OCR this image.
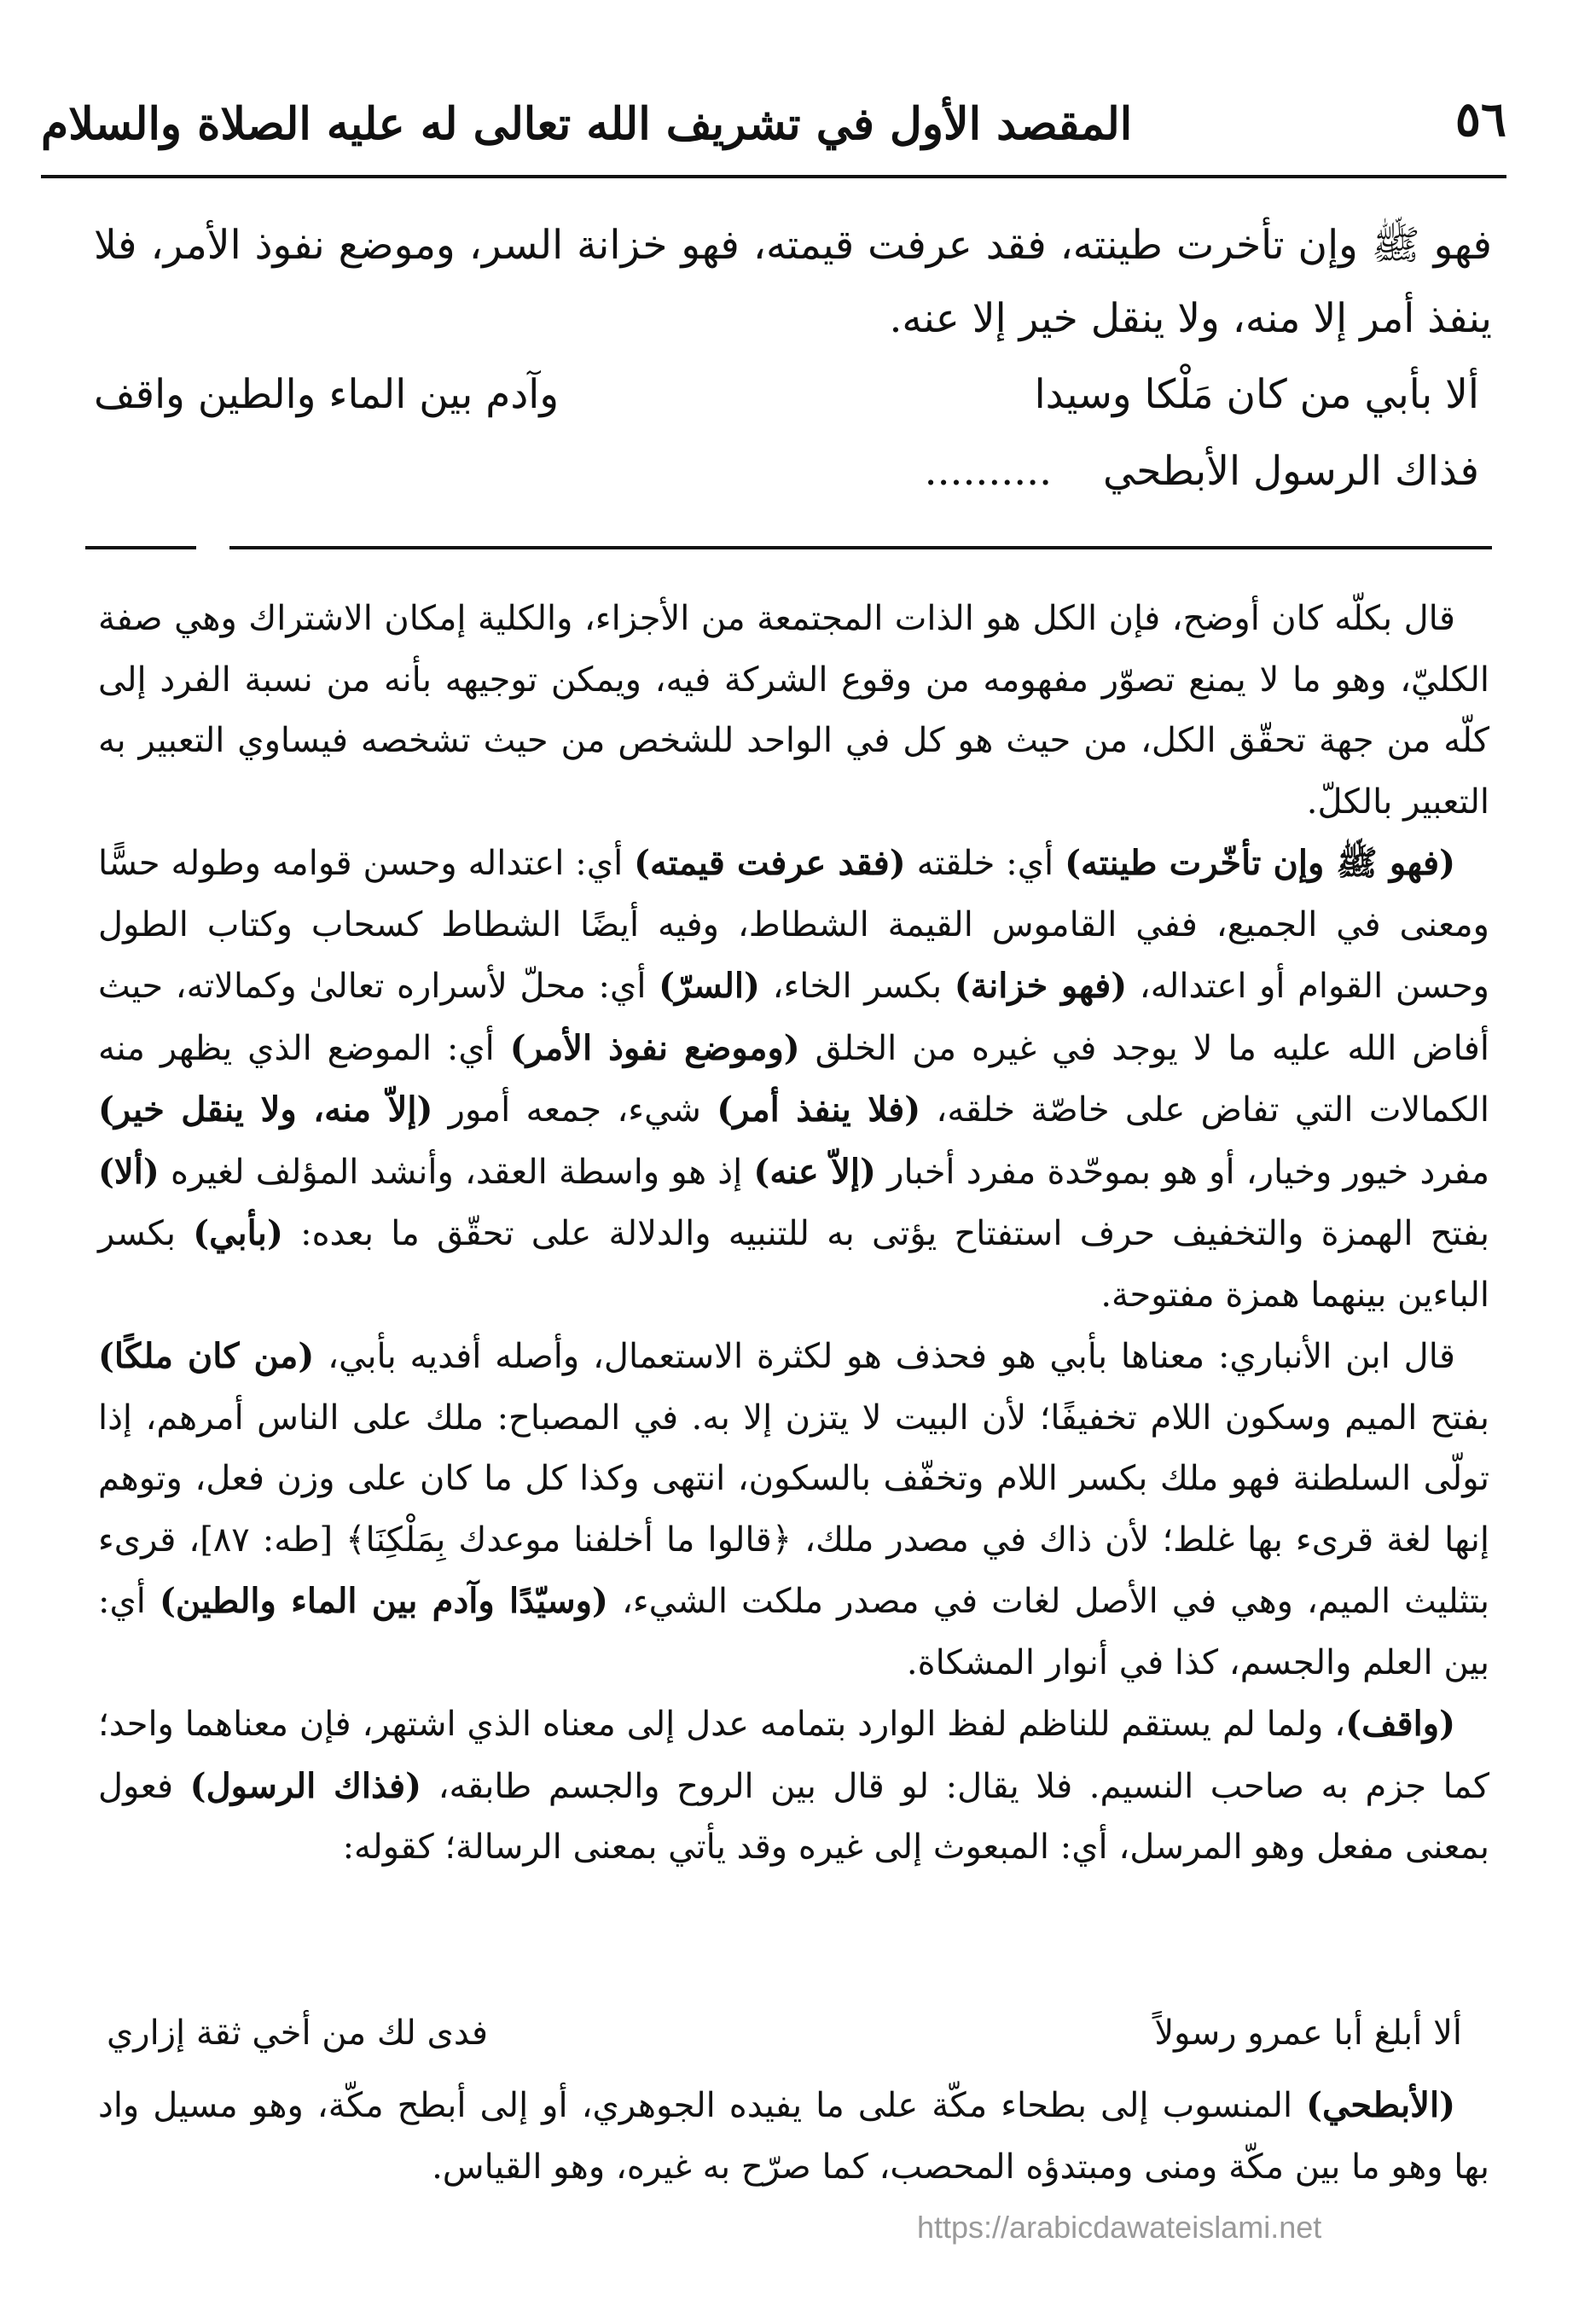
٥٦
المقصد الأول في تشريف الله تعالى له عليه الصلاة والسلام

فهو ﷺ وإن تأخرت طينته، فقد عرفت قيمته، فهو خزانة السر، وموضع نفوذ الأمر، فلا ينفذ أمر إلا منه، ولا ينقل خير إلا عنه.

ألا بأبي من كان مَلْكا وسيدا
وآدم بين الماء والطين واقف
فذاك الرسول الأبطحي..........

قال بكلّه كان أوضح، فإن الكل هو الذات المجتمعة من الأجزاء، والكلية إمكان الاشتراك وهي صفة الكليّ، وهو ما لا يمنع تصوّر مفهومه من وقوع الشركة فيه، ويمكن توجيهه بأنه من نسبة الفرد إلى كلّه من جهة تحقّق الكل، من حيث هو كل في الواحد للشخص من حيث تشخصه فيساوي التعبير به التعبير بالكلّ.

(فهو ﷺ وإن تأخّرت طينته) أي: خلقته (فقد عرفت قيمته) أي: اعتداله وحسن قوامه وطوله حسًّا ومعنى في الجميع، ففي القاموس القيمة الشطاط، وفيه أيضًا الشطاط كسحاب وكتاب الطول وحسن القوام أو اعتداله، (فهو خزانة) بكسر الخاء، (السرّ) أي: محلّ لأسراره تعالىٰ وكمالاته، حيث أفاض الله عليه ما لا يوجد في غيره من الخلق (وموضع نفوذ الأمر) أي: الموضع الذي يظهر منه الكمالات التي تفاض على خاصّة خلقه، (فلا ينفذ أمر) شيء، جمعه أمور (إلاّ منه، ولا ينقل خير) مفرد خيور وخيار، أو هو بموحّدة مفرد أخبار (إلاّ عنه) إذ هو واسطة العقد، وأنشد المؤلف لغيره (ألا) بفتح الهمزة والتخفيف حرف استفتاح يؤتى به للتنبيه والدلالة على تحقّق ما بعده: (بأبي) بكسر الباءين بينهما همزة مفتوحة.

قال ابن الأنباري: معناها بأبي هو فحذف هو لكثرة الاستعمال، وأصله أفديه بأبي، (من كان ملكًا) بفتح الميم وسكون اللام تخفيفًا؛ لأن البيت لا يتزن إلا به. في المصباح: ملك على الناس أمرهم، إذا تولّى السلطنة فهو ملك بكسر اللام وتخفّف بالسكون، انتهى وكذا كل ما كان على وزن فعل، وتوهم إنها لغة قرىء بها غلط؛ لأن ذاك في مصدر ملك، ﴿قالوا ما أخلفنا موعدك بِمَلْكِنَا﴾ [طه: ٨٧]، قرىء بتثليث الميم، وهي في الأصل لغات في مصدر ملكت الشيء، (وسيّدًا وآدم بين الماء والطين) أي: بين العلم والجسم، كذا في أنوار المشكاة.

(واقف)، ولما لم يستقم للناظم لفظ الوارد بتمامه عدل إلى معناه الذي اشتهر، فإن معناهما واحد؛ كما جزم به صاحب النسيم. فلا يقال: لو قال بين الروح والجسم طابقه، (فذاك الرسول) فعول بمعنى مفعل وهو المرسل، أي: المبعوث إلى غيره وقد يأتي بمعنى الرسالة؛ كقوله:

ألا أبلغ أبا عمرو رسولاً
فدى لك من أخي ثقة إزاري

(الأبطحي) المنسوب إلى بطحاء مكّة على ما يفيده الجوهري، أو إلى أبطح مكّة، وهو مسيل واد بها وهو ما بين مكّة ومنى ومبتدؤه المحصب، كما صرّح به غيره، وهو القياس.

https://arabicdawateislami.net
